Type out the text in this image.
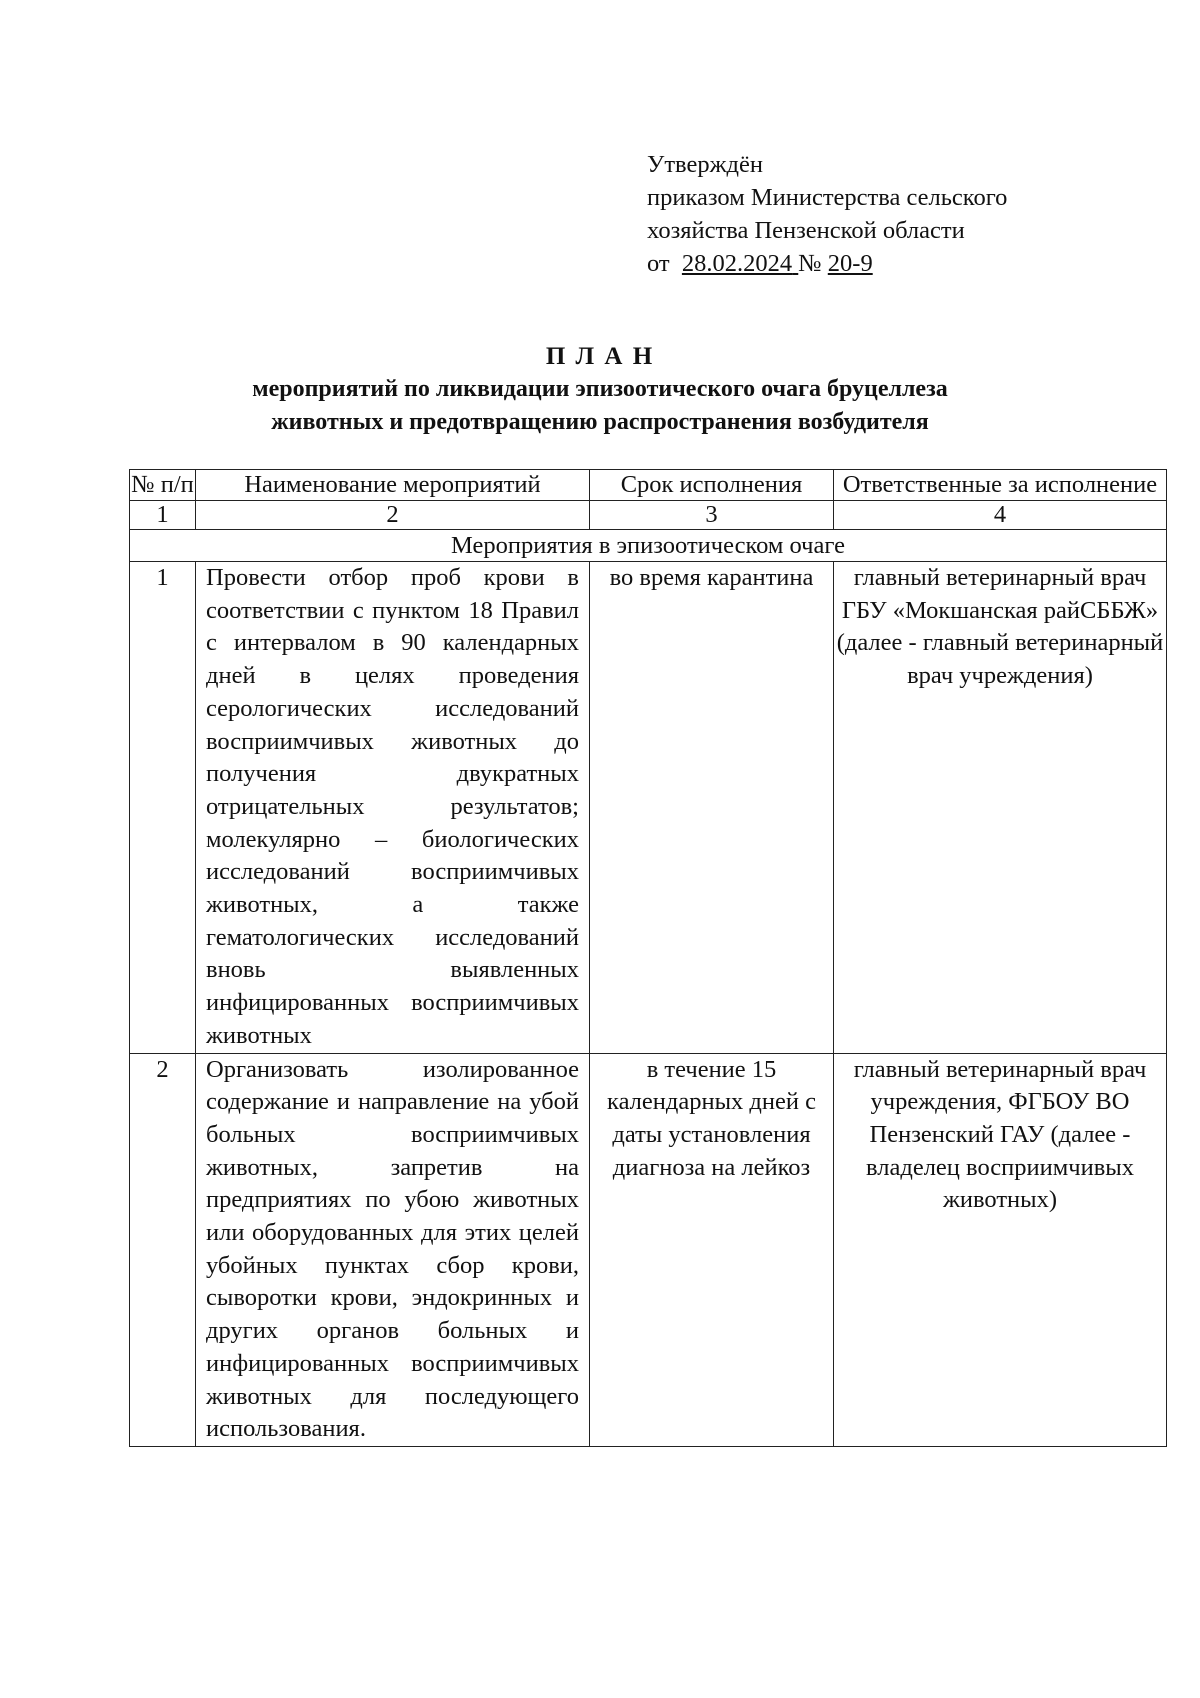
Утверждён
приказом Министерства сельского
хозяйства Пензенской области
от 28.02.2024 № 20-9
П Л А Н
мероприятий по ликвидации эпизоотического очага бруцеллеза
животных и предотвращению распространения возбудителя
№ п/п	Наименование мероприятий	Срок исполнения	Ответственные за исполнение
1	2	3	4
Мероприятия в эпизоотическом очаге			
1	Провести отбор проб крови в соответствии с пунктом 18 Правил с интервалом в 90 календарных дней в целях проведения серологических исследований восприимчивых животных до получения двукратных отрицательных результатов; молекулярно – биологических исследований восприимчивых животных, а также гематологических исследований вновь выявленных инфицированных восприимчивых животных	во время карантина	главный ветеринарный врач ГБУ «Мокшанская райСББЖ» (далее - главный ветеринарный врач учреждения)
2	Организовать изолированное содержание и направление на убой больных восприимчивых животных, запретив на предприятиях по убою животных или оборудованных для этих целей убойных пунктах сбор крови, сыворотки крови, эндокринных и других органов больных и инфицированных восприимчивых животных для последующего использования.	в течение 15 календарных дней с даты установления диагноза на лейкоз	главный ветеринарный врач учреждения, ФГБОУ ВО Пензенский ГАУ (далее - владелец восприимчивых животных)
